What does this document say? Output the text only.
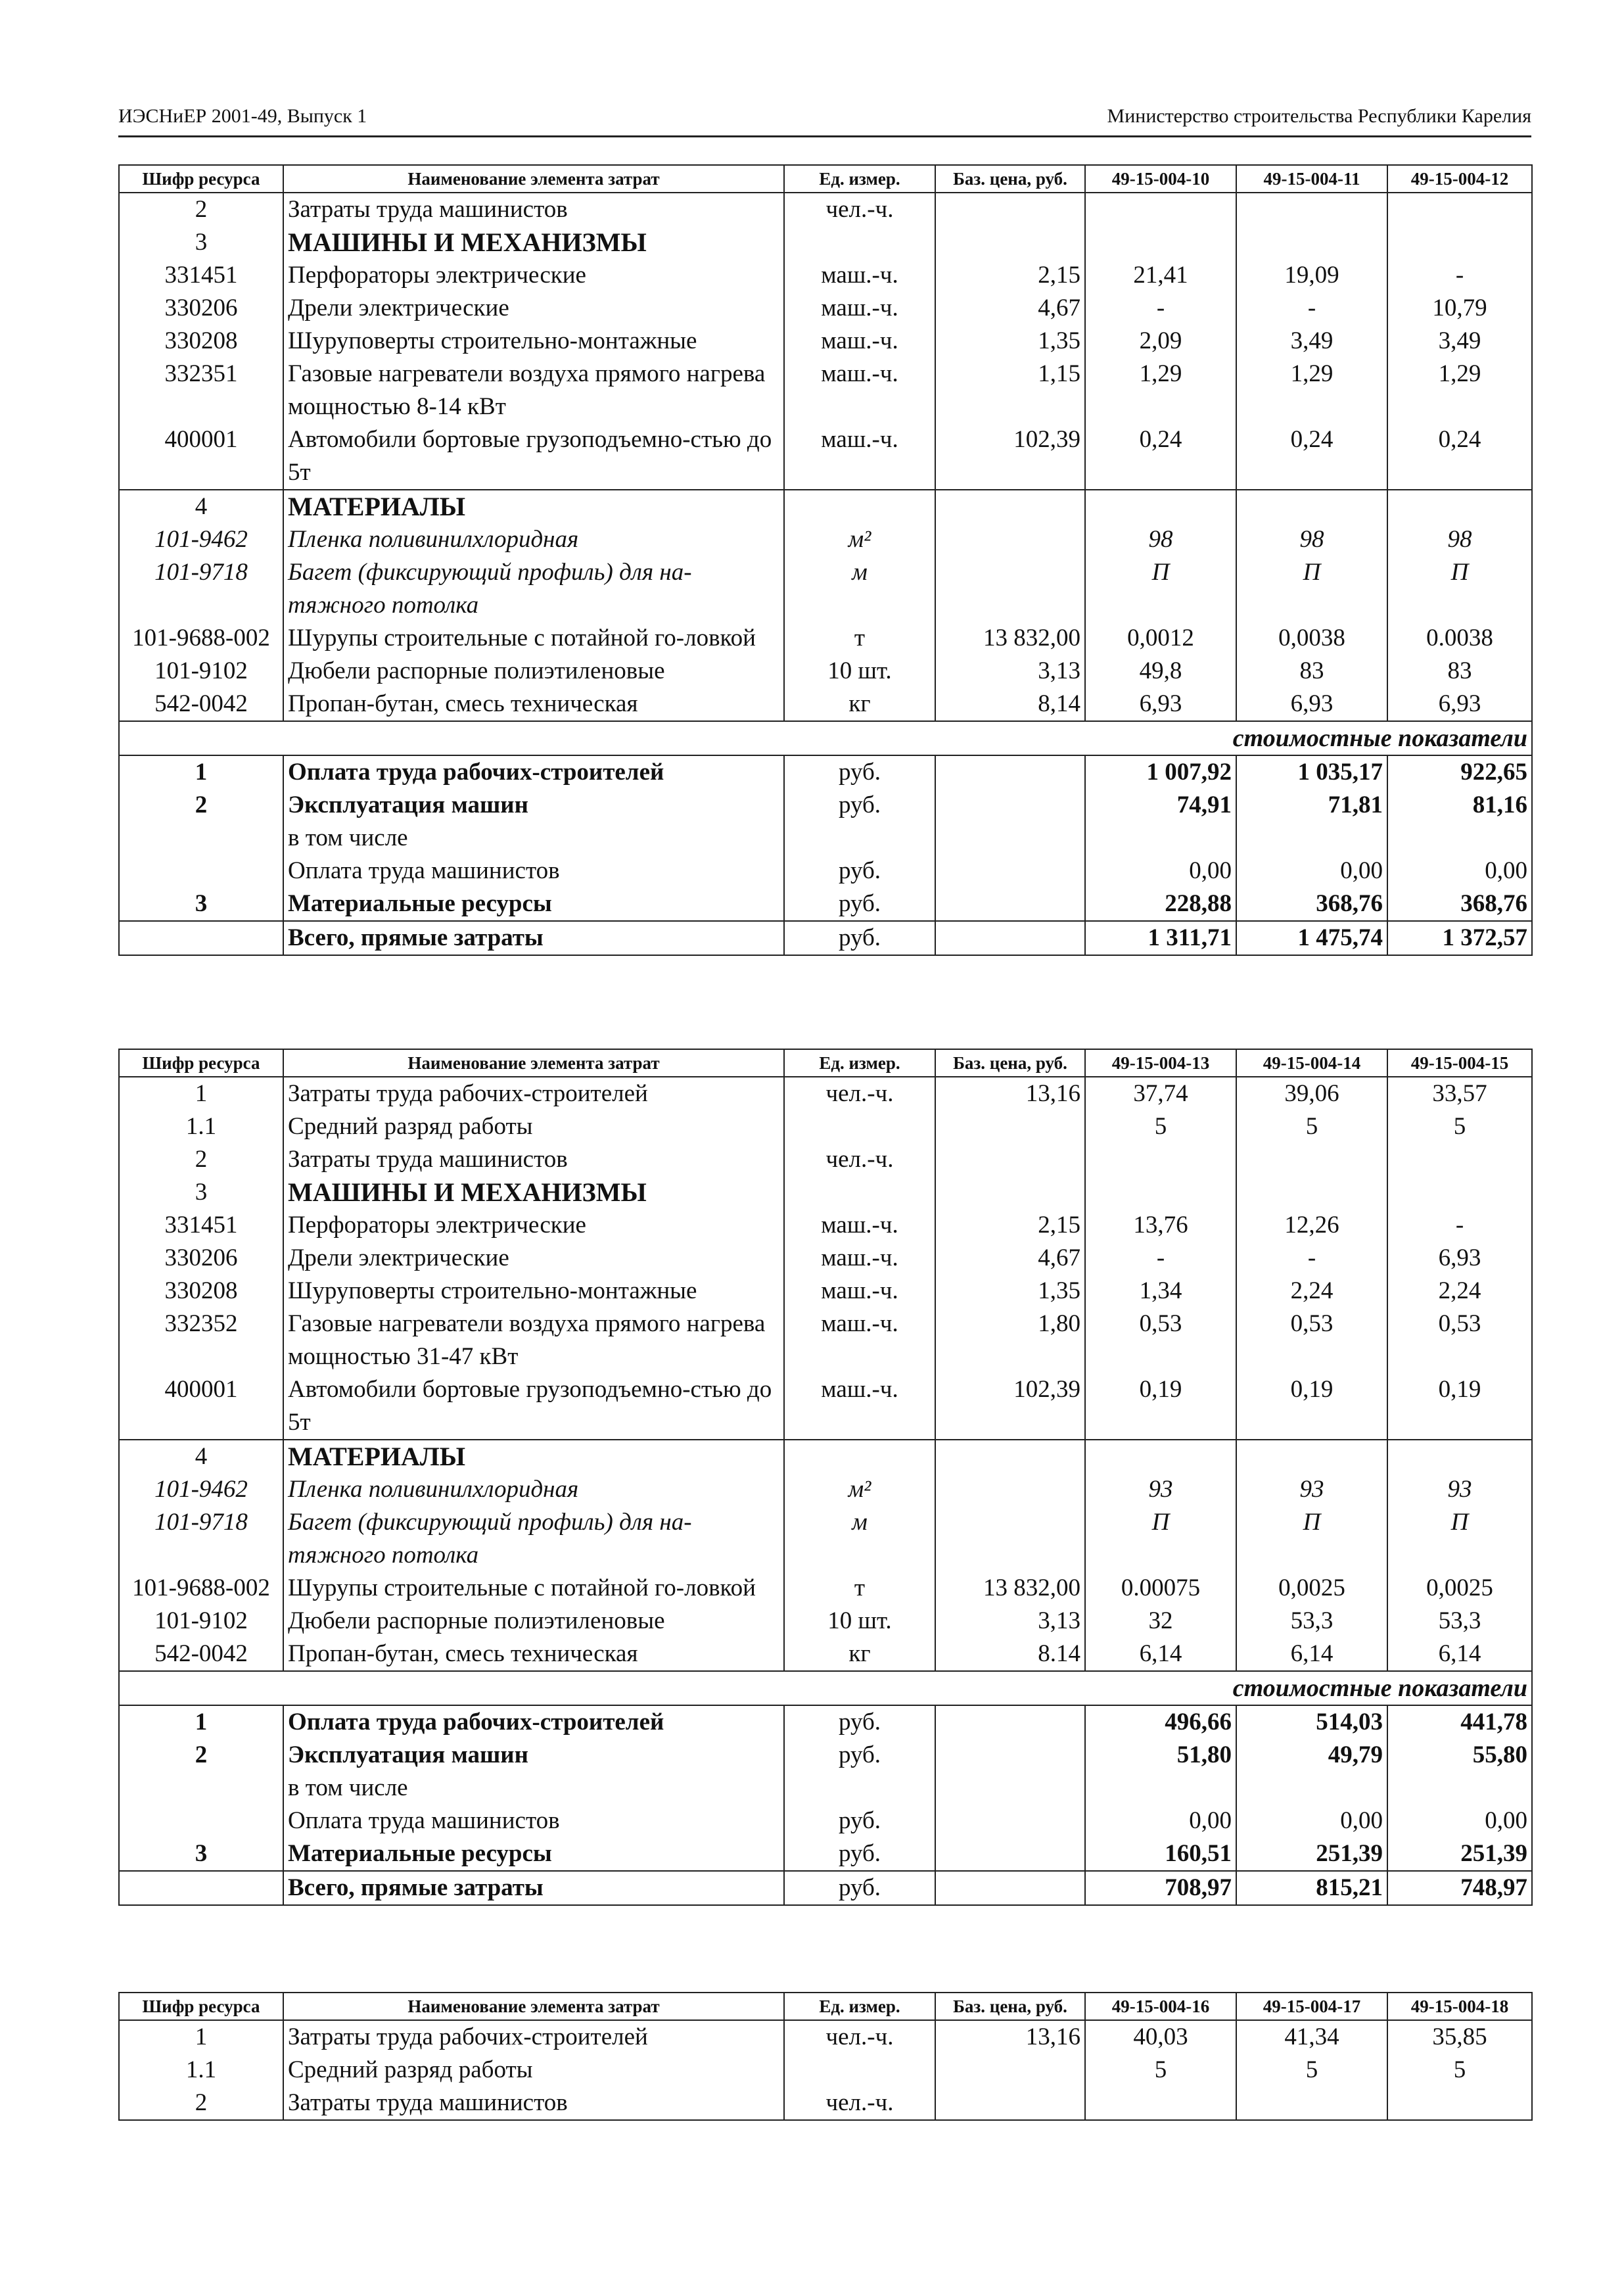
ИЭСНиЕР 2001-49, Выпуск 1	Министерство строительства Республики Карелия
Шифр ресурса	Наименование элемента затрат	Ед. измер.	Баз. цена, руб.	49-15-004-10	49-15-004-11	49-15-004-12
2	Затраты труда машинистов	чел.-ч.				
3	МАШИНЫ И МЕХАНИЗМЫ					
331451	Перфораторы электрические	маш.-ч.	2,15	21,41	19,09	-
330206	Дрели электрические	маш.-ч.	4,67	-	-	10,79
330208	Шуруповерты строительно-монтажные	маш.-ч.	1,35	2,09	3,49	3,49
332351	Газовые нагреватели воздуха прямого нагрева мощностью 8-14 кВт	маш.-ч.	1,15	1,29	1,29	1,29
400001	Автомобили бортовые грузоподъемно-стью до 5т	маш.-ч.	102,39	0,24	0,24	0,24
4	МАТЕРИАЛЫ					
101-9462	Пленка поливинилхлоридная	м²		98	98	98
101-9718	Багет (фиксирующий профиль) для на-тяжного потолка	м		П	П	П
101-9688-002	Шурупы строительные с потайной го-ловкой	т	13 832,00	0,0012	0,0038	0.0038
101-9102	Дюбели распорные полиэтиленовые	10 шт.	3,13	49,8	83	83
542-0042	Пропан-бутан, смесь техническая	кг	8,14	6,93	6,93	6,93
стоимостные показатели						
1	Оплата труда рабочих-строителей	руб.		1 007,92	1 035,17	922,65
2	Эксплуатация машин	руб.		74,91	71,81	81,16
	в том числе					
	Оплата труда машинистов	руб.		0,00	0,00	0,00
3	Материальные ресурсы	руб.		228,88	368,76	368,76
	Всего, прямые затраты	руб.		1 311,71	1 475,74	1 372,57
Шифр ресурса	Наименование элемента затрат	Ед. измер.	Баз. цена, руб.	49-15-004-13	49-15-004-14	49-15-004-15
1	Затраты труда рабочих-строителей	чел.-ч.	13,16	37,74	39,06	33,57
1.1	Средний разряд работы			5	5	5
2	Затраты труда машинистов	чел.-ч.				
3	МАШИНЫ И МЕХАНИЗМЫ					
331451	Перфораторы электрические	маш.-ч.	2,15	13,76	12,26	-
330206	Дрели электрические	маш.-ч.	4,67	-	-	6,93
330208	Шуруповерты строительно-монтажные	маш.-ч.	1,35	1,34	2,24	2,24
332352	Газовые нагреватели воздуха прямого нагрева мощностью 31-47 кВт	маш.-ч.	1,80	0,53	0,53	0,53
400001	Автомобили бортовые грузоподъемно-стью до 5т	маш.-ч.	102,39	0,19	0,19	0,19
4	МАТЕРИАЛЫ					
101-9462	Пленка поливинилхлоридная	м²		93	93	93
101-9718	Багет (фиксирующий профиль) для на-тяжного потолка	м		П	П	П
101-9688-002	Шурупы строительные с потайной го-ловкой	т	13 832,00	0.00075	0,0025	0,0025
101-9102	Дюбели распорные полиэтиленовые	10 шт.	3,13	32	53,3	53,3
542-0042	Пропан-бутан, смесь техническая	кг	8.14	6,14	6,14	6,14
стоимостные показатели						
1	Оплата труда рабочих-строителей	руб.		496,66	514,03	441,78
2	Эксплуатация машин	руб.		51,80	49,79	55,80
	в том числе					
	Оплата труда машинистов	руб.		0,00	0,00	0,00
3	Материальные ресурсы	руб.		160,51	251,39	251,39
	Всего, прямые затраты	руб.		708,97	815,21	748,97
Шифр ресурса	Наименование элемента затрат	Ед. измер.	Баз. цена, руб.	49-15-004-16	49-15-004-17	49-15-004-18
1	Затраты труда рабочих-строителей	чел.-ч.	13,16	40,03	41,34	35,85
1.1	Средний разряд работы			5	5	5
2	Затраты труда машинистов	чел.-ч.				
